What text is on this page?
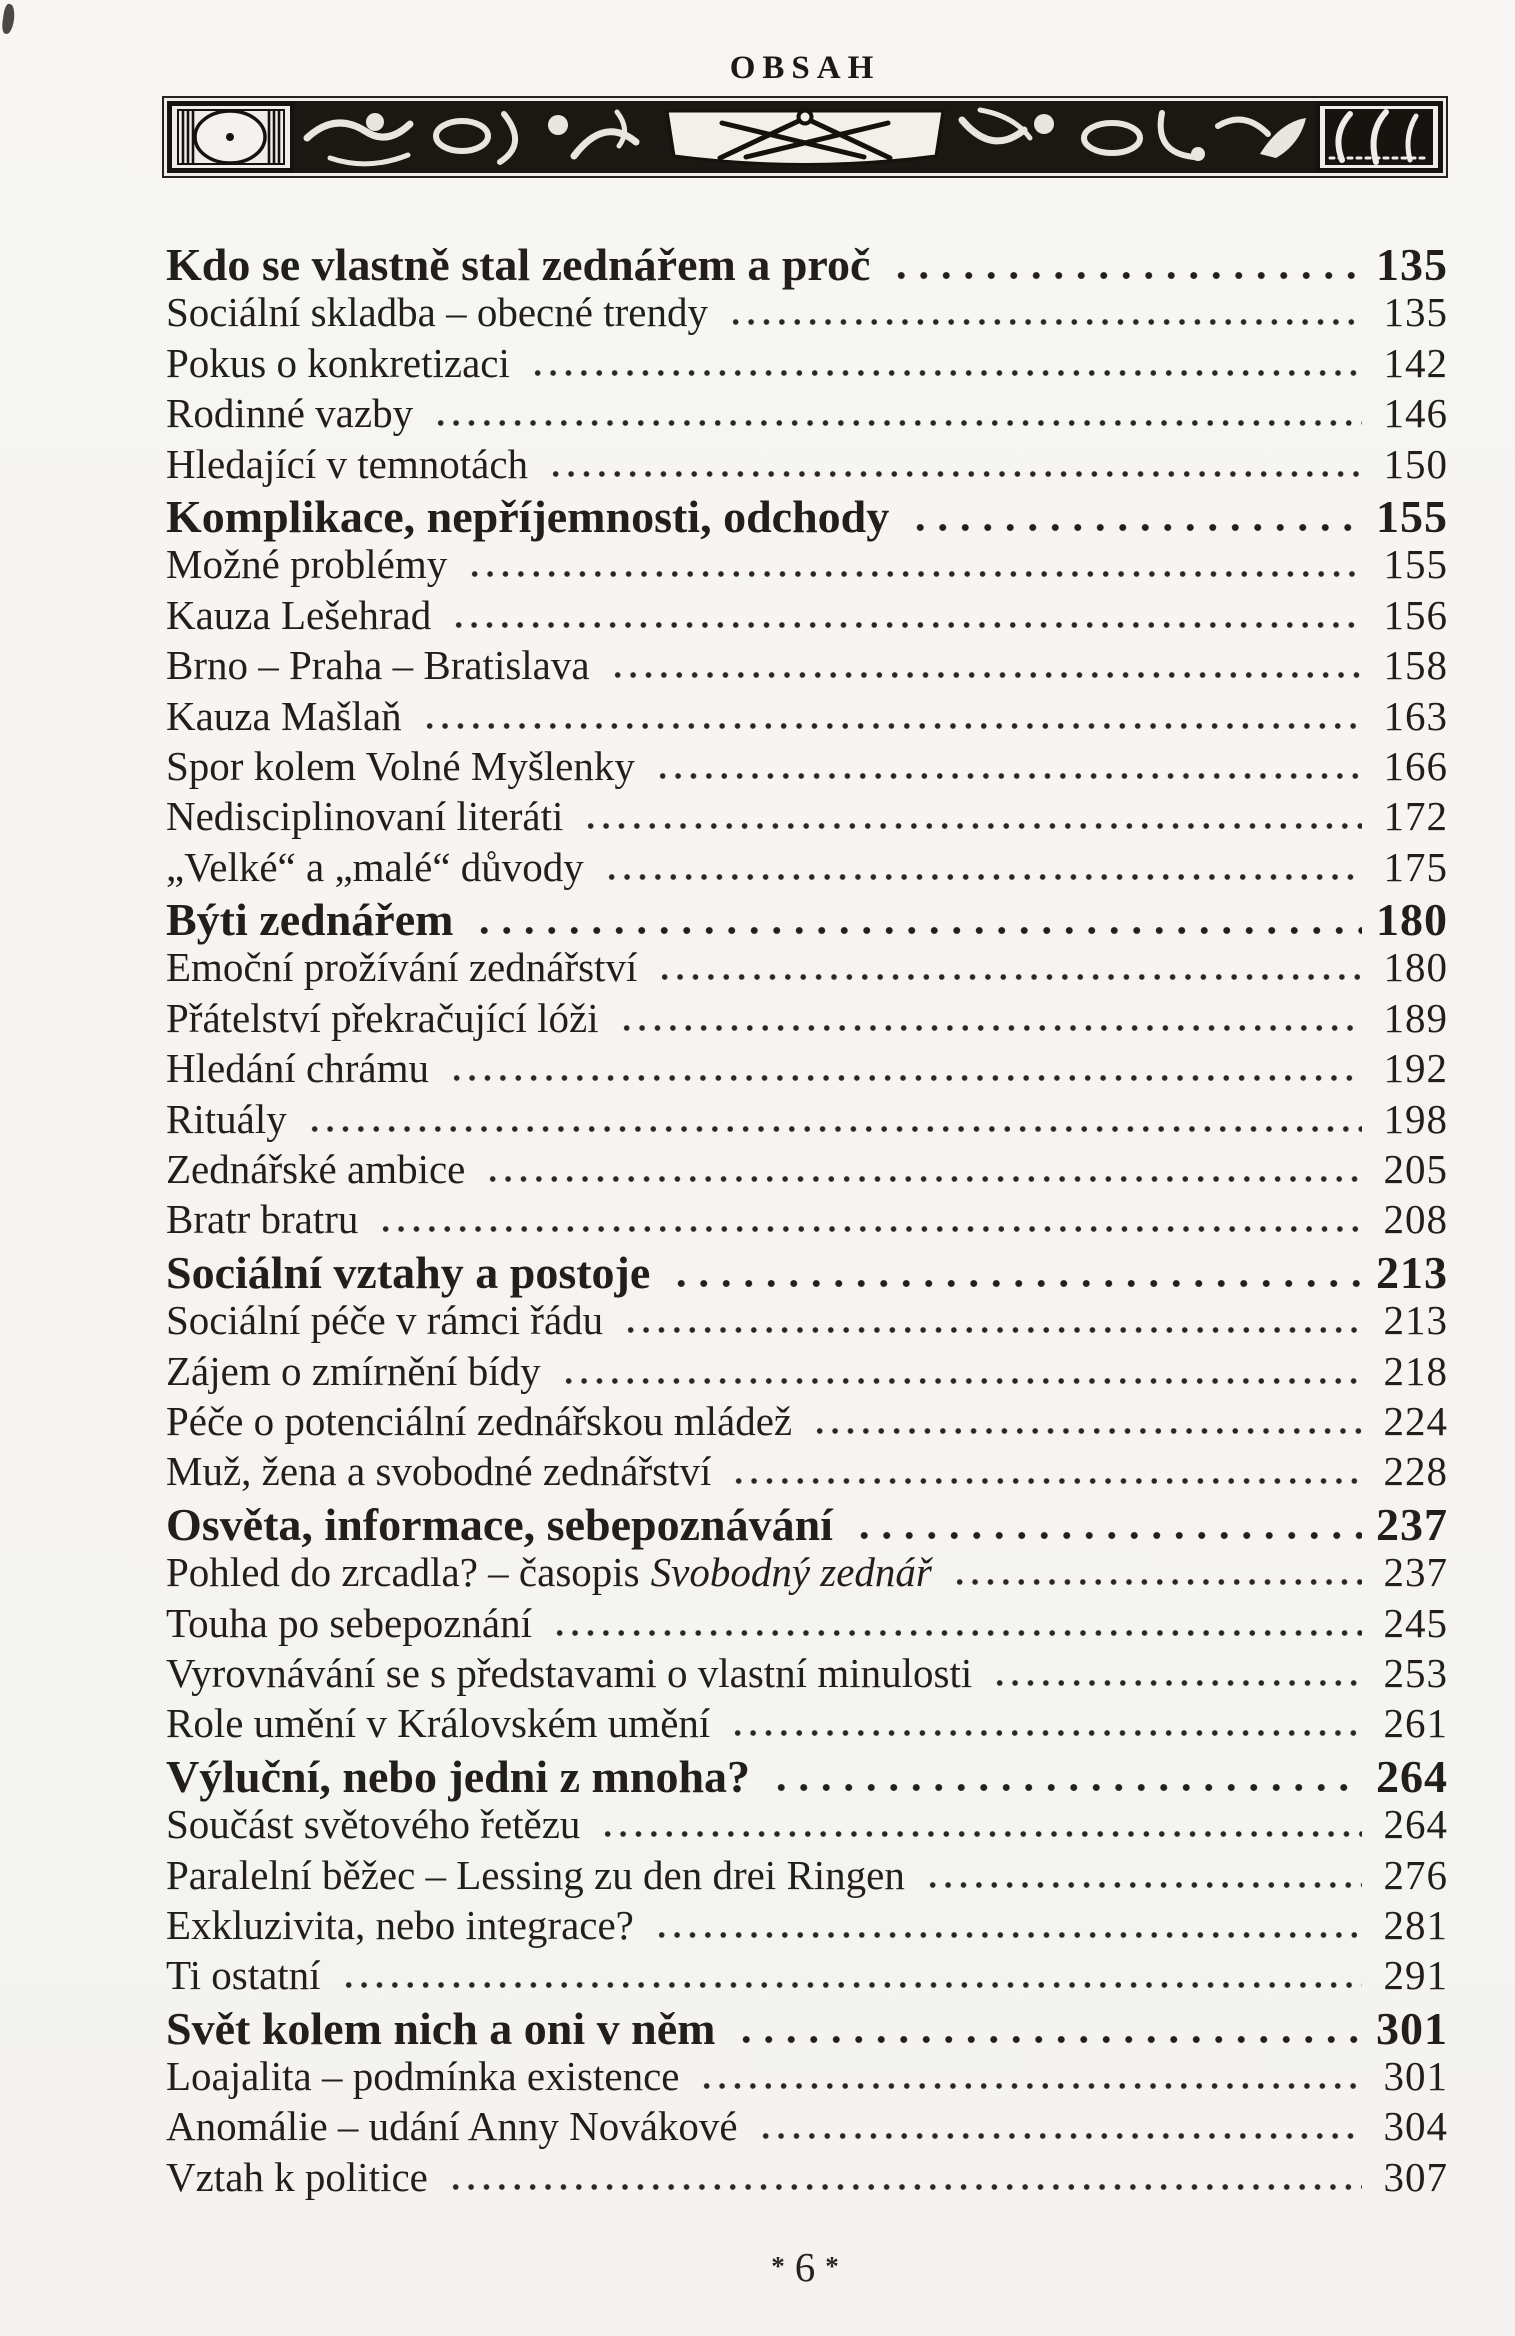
OBSAH
Kdo se vlastně stal zednářem a proč	135
Sociální skladba – obecné trendy	135
Pokus o konkretizaci	142
Rodinné vazby	146
Hledající v temnotách	150
Komplikace, nepříjemnosti, odchody	155
Možné problémy	155
Kauza Lešehrad	156
Brno – Praha – Bratislava	158
Kauza Mašlaň	163
Spor kolem Volné Myšlenky	166
Nedisciplinovaní literáti	172
„Velké“ a „malé“ důvody	175
Býti zednářem	180
Emoční prožívání zednářství	180
Přátelství překračující lóži	189
Hledání chrámu	192
Rituály	198
Zednářské ambice	205
Bratr bratru	208
Sociální vztahy a postoje	213
Sociální péče v rámci řádu	213
Zájem o zmírnění bídy	218
Péče o potenciální zednářskou mládež	224
Muž, žena a svobodné zednářství	228
Osvěta, informace, sebepoznávání	237
Pohled do zrcadla? – časopis Svobodný zednář	237
Touha po sebepoznání	245
Vyrovnávání se s představami o vlastní minulosti	253
Role umění v Královském umění	261
Výluční, nebo jedni z mnoha?	264
Součást světového řetězu	264
Paralelní běžec – Lessing zu den drei Ringen	276
Exkluzivita, nebo integrace?	281
Ti ostatní	291
Svět kolem nich a oni v něm	301
Loajalita – podmínka existence	301
Anomálie – udání Anny Novákové	304
Vztah k politice	307
* 6 *
